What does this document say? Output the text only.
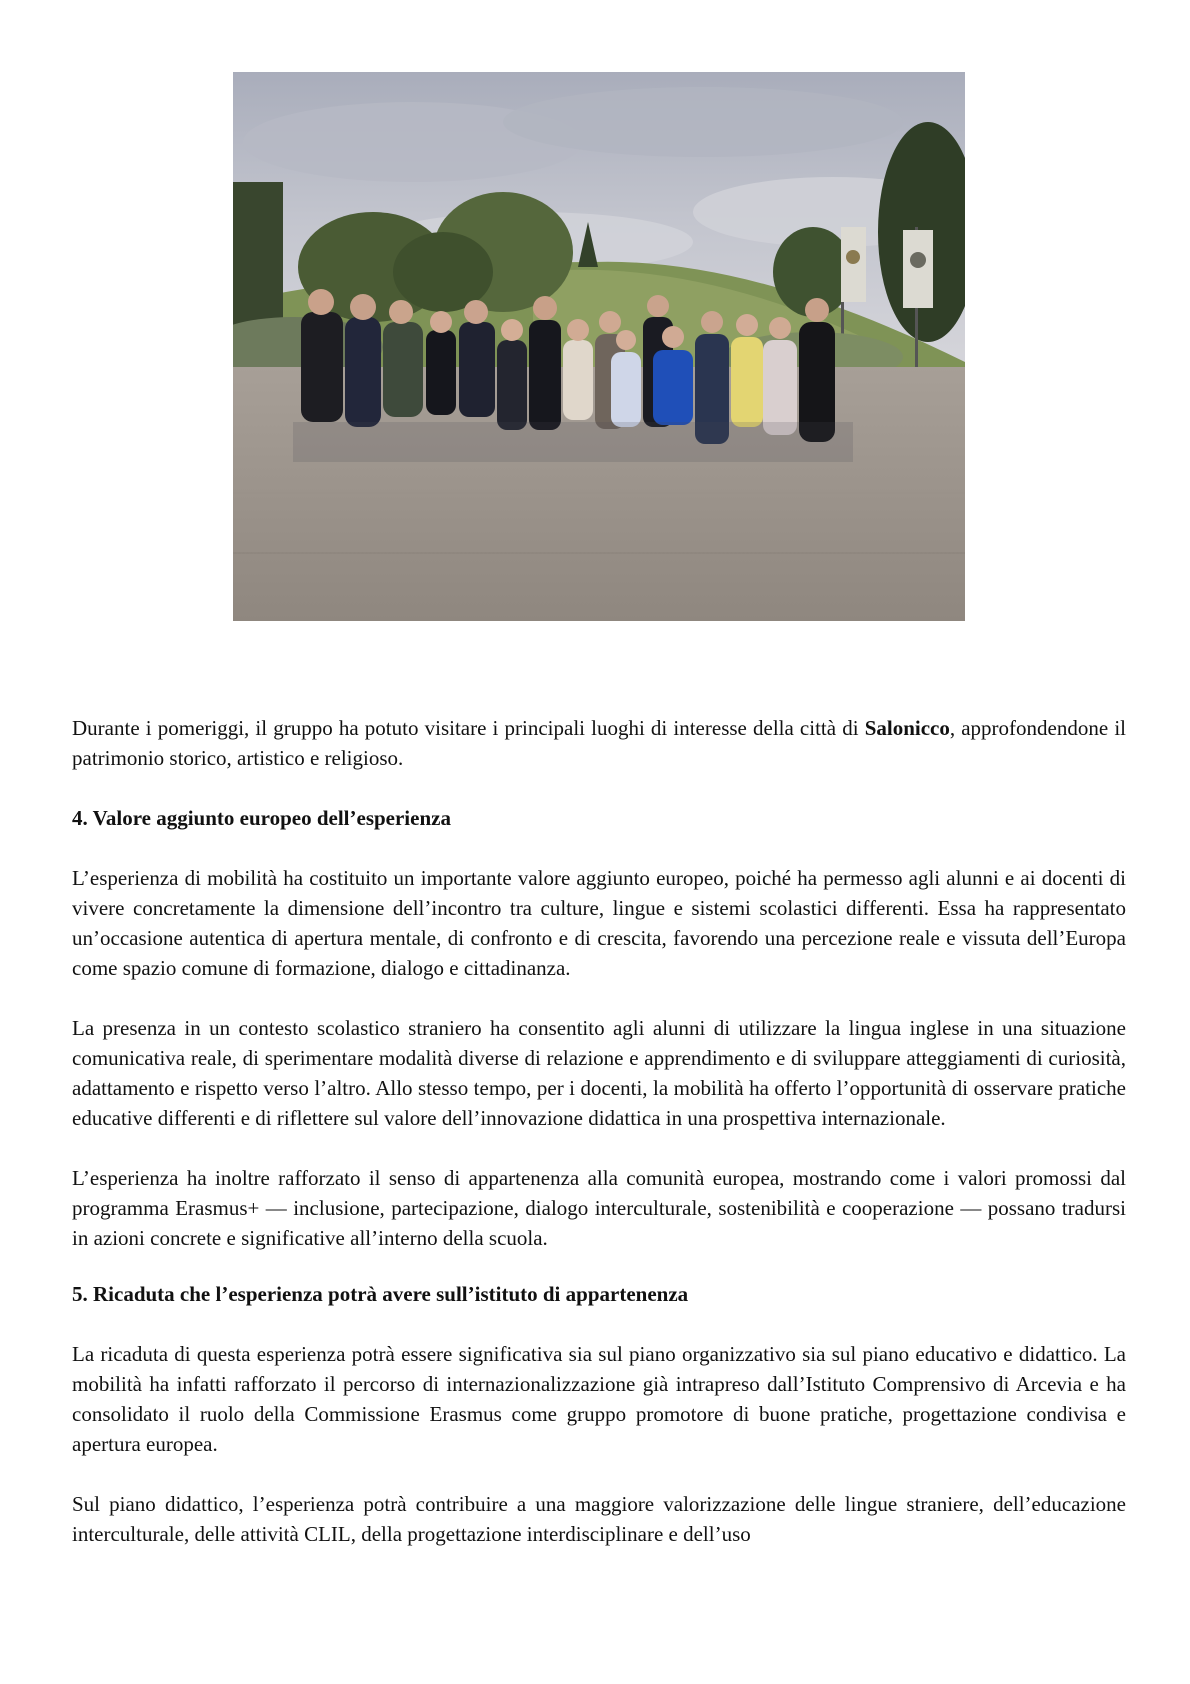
Durante i pomeriggi, il gruppo ha potuto visitare i principali luoghi di interesse della città di Salonicco, approfondendone il patrimonio storico, artistico e religioso.

4. Valore aggiunto europeo dell’esperienza

L’esperienza di mobilità ha costituito un importante valore aggiunto europeo, poiché ha permesso agli alunni e ai docenti di vivere concretamente la dimensione dell’incontro tra culture, lingue e sistemi scolastici differenti. Essa ha rappresentato un’occasione autentica di apertura mentale, di confronto e di crescita, favorendo una percezione reale e vissuta dell’Europa come spazio comune di formazione, dialogo e cittadinanza.

La presenza in un contesto scolastico straniero ha consentito agli alunni di utilizzare la lingua inglese in una situazione comunicativa reale, di sperimentare modalità diverse di relazione e apprendimento e di sviluppare atteggiamenti di curiosità, adattamento e rispetto verso l’altro. Allo stesso tempo, per i docenti, la mobilità ha offerto l’opportunità di osservare pratiche educative differenti e di riflettere sul valore dell’innovazione didattica in una prospettiva internazionale.

L’esperienza ha inoltre rafforzato il senso di appartenenza alla comunità europea, mostrando come i valori promossi dal programma Erasmus+ — inclusione, partecipazione, dialogo interculturale, sostenibilità e cooperazione — possano tradursi in azioni concrete e significative all’interno della scuola.

5. Ricaduta che l’esperienza potrà avere sull’istituto di appartenenza

La ricaduta di questa esperienza potrà essere significativa sia sul piano organizzativo sia sul piano educativo e didattico. La mobilità ha infatti rafforzato il percorso di internazionalizzazione già intrapreso dall’Istituto Comprensivo di Arcevia e ha consolidato il ruolo della Commissione Erasmus come gruppo promotore di buone pratiche, progettazione condivisa e apertura europea.

Sul piano didattico, l’esperienza potrà contribuire a una maggiore valorizzazione delle lingue straniere, dell’educazione interculturale, delle attività CLIL, della progettazione interdisciplinare e dell’uso
